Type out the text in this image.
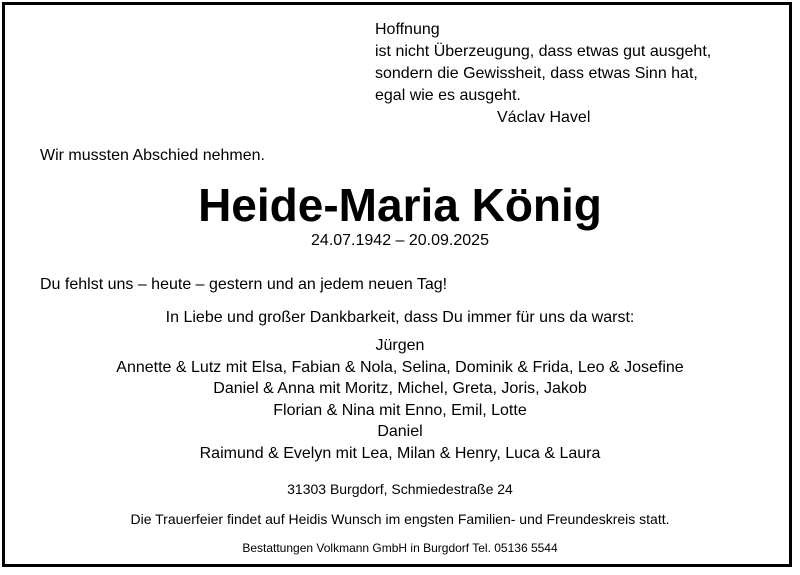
Hoffnung
ist nicht Überzeugung, dass etwas gut ausgeht,
sondern die Gewissheit, dass etwas Sinn hat,
egal wie es ausgeht.
Václav Havel
Wir mussten Abschied nehmen.
Heide-Maria König
24.07.1942 – 20.09.2025
Du fehlst uns – heute – gestern und an jedem neuen Tag!
In Liebe und großer Dankbarkeit, dass Du immer für uns da warst:
Jürgen
Annette & Lutz mit Elsa, Fabian & Nola, Selina, Dominik & Frida, Leo & Josefine
Daniel & Anna mit Moritz, Michel, Greta, Joris, Jakob
Florian & Nina mit Enno, Emil, Lotte
Daniel
Raimund & Evelyn mit Lea, Milan & Henry, Luca & Laura
31303 Burgdorf, Schmiedestraße 24
Die Trauerfeier findet auf Heidis Wunsch im engsten Familien- und Freundeskreis statt.
Bestattungen Volkmann GmbH in Burgdorf Tel. 05136 5544
